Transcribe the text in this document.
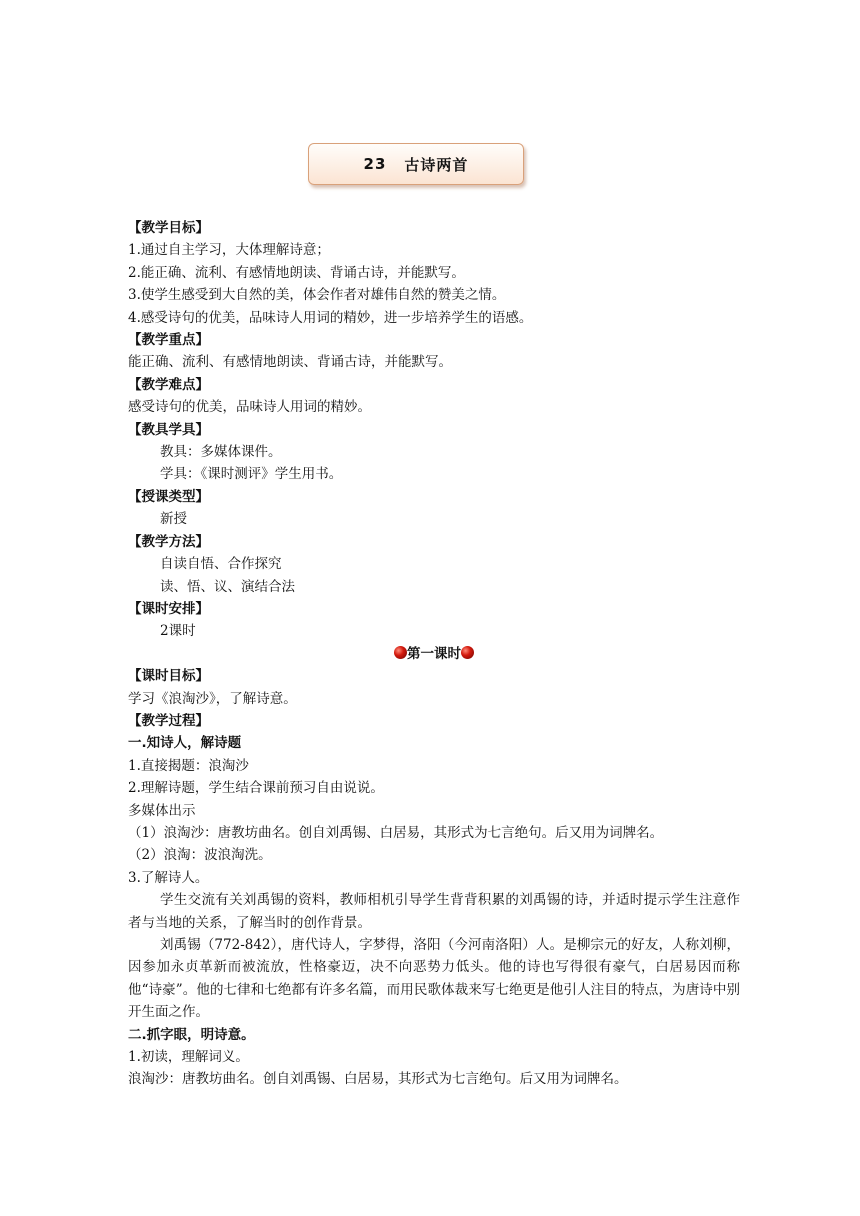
23 古诗两首
【教学目标】
1.通过自主学习，大体理解诗意；
2.能正确、流利、有感情地朗读、背诵古诗，并能默写。
3.使学生感受到大自然的美，体会作者对雄伟自然的赞美之情。
4.感受诗句的优美，品味诗人用词的精妙，进一步培养学生的语感。
【教学重点】
能正确、流利、有感情地朗读、背诵古诗，并能默写。
【教学难点】
感受诗句的优美，品味诗人用词的精妙。
【教具学具】
教具：多媒体课件。
学具：《课时测评》学生用书。
【授课类型】
新授
【教学方法】
自读自悟、合作探究
读、悟、议、演结合法
【课时安排】
2课时
第一课时
【课时目标】
学习《浪淘沙》，了解诗意。
【教学过程】
一.知诗人，解诗题
1.直接揭题：浪淘沙
2.理解诗题，学生结合课前预习自由说说。
多媒体出示
（1）浪淘沙：唐教坊曲名。创自刘禹锡、白居易，其形式为七言绝句。后又用为词牌名。
（2）浪淘：波浪淘洗。
3.了解诗人。
学生交流有关刘禹锡的资料，教师相机引导学生背背积累的刘禹锡的诗，并适时提示学生注意作者与当地的关系，了解当时的创作背景。
刘禹锡（772-842），唐代诗人，字梦得，洛阳（今河南洛阳）人。是柳宗元的好友，人称刘柳，因参加永贞革新而被流放，性格豪迈，决不向恶势力低头。他的诗也写得很有豪气，白居易因而称他“诗豪”。他的七律和七绝都有许多名篇，而用民歌体裁来写七绝更是他引人注目的特点，为唐诗中别开生面之作。
二.抓字眼，明诗意。
1.初读，理解词义。
浪淘沙：唐教坊曲名。创自刘禹锡、白居易，其形式为七言绝句。后又用为词牌名。
